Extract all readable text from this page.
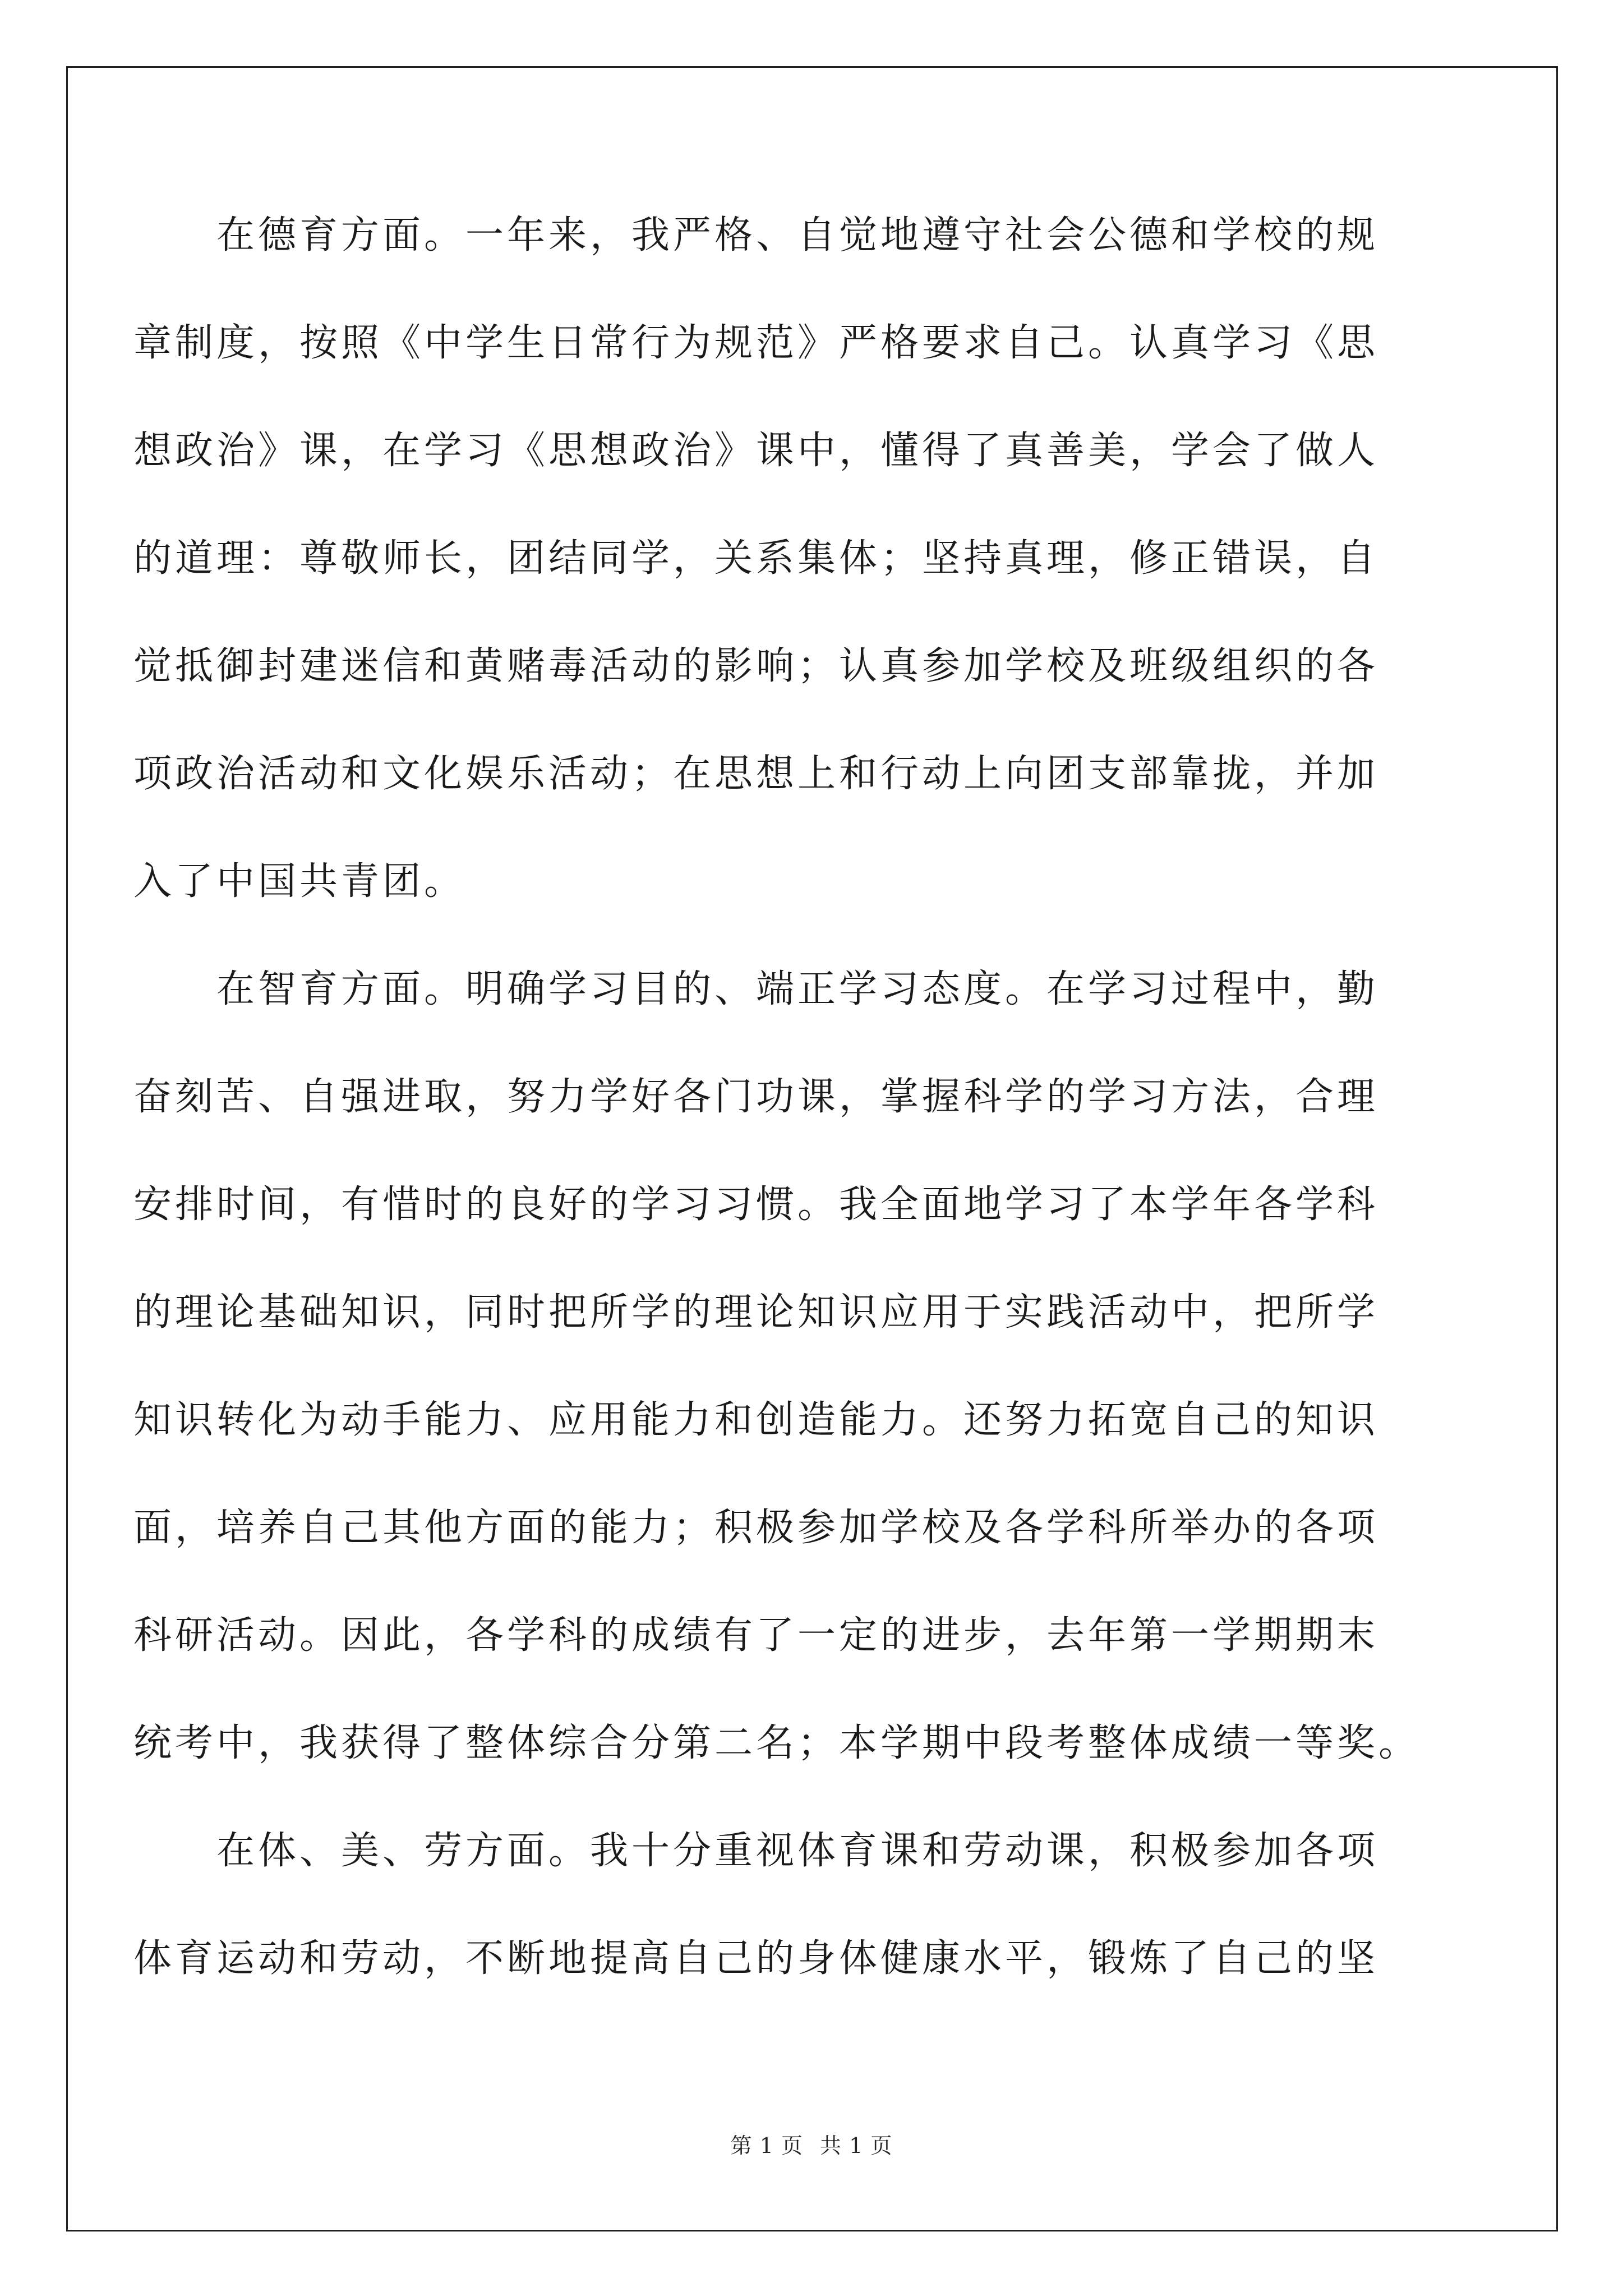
　　在德育方面。一年来，我严格、自觉地遵守社会公德和学校的规
章制度，按照《中学生日常行为规范》严格要求自己。认真学习《思
想政治》课，在学习《思想政治》课中，懂得了真善美，学会了做人
的道理：尊敬师长，团结同学，关系集体；坚持真理，修正错误，自
觉抵御封建迷信和黄赌毒活动的影响；认真参加学校及班级组织的各
项政治活动和文化娱乐活动；在思想上和行动上向团支部靠拢，并加
入了中国共青团。
　　在智育方面。明确学习目的、端正学习态度。在学习过程中，勤
奋刻苦、自强进取，努力学好各门功课，掌握科学的学习方法，合理
安排时间，有惜时的良好的学习习惯。我全面地学习了本学年各学科
的理论基础知识，同时把所学的理论知识应用于实践活动中，把所学
知识转化为动手能力、应用能力和创造能力。还努力拓宽自己的知识
面，培养自己其他方面的能力；积极参加学校及各学科所举办的各项
科研活动。因此，各学科的成绩有了一定的进步，去年第一学期期末
统考中，我获得了整体综合分第二名；本学期中段考整体成绩一等奖。
　　在体、美、劳方面。我十分重视体育课和劳动课，积极参加各项
体育运动和劳动，不断地提高自己的身体健康水平，锻炼了自己的坚
第 1 页 共 1 页
